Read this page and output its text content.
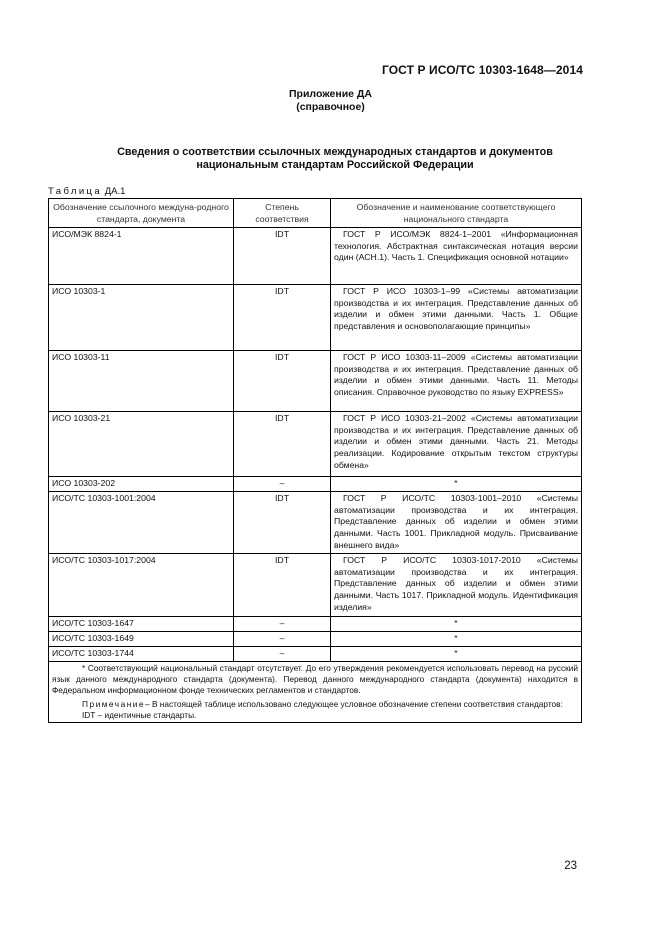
ГОСТ Р ИСО/ТС 10303-1648—2014
Приложение ДА
(справочное)
Сведения о соответствии ссылочных международных стандартов и документов
национальным стандартам Российской Федерации
Таблица ДА.1
Обозначение ссылочного междуна-родного стандарта, документа	Степень соответствия	Обозначение и наименование соответствующего национального стандарта
ИСО/МЭК 8824-1	IDT	ГОСТ Р ИСО/МЭК 8824-1–2001 «Информационная технология. Абстрактная синтаксическая нотация версии один (АСН.1). Часть 1. Спецификация основной нотации»
ИСО 10303-1	IDT	ГОСТ Р ИСО 10303-1–99 «Системы автоматизации производства и их интеграция. Представление данных об изделии и обмен этими данными. Часть 1. Общие представления и основополагающие принципы»
ИСО 10303-11	IDT	ГОСТ Р ИСО 10303-11–2009 «Системы автоматизации производства и их интеграция. Представление данных об изделии и обмен этими данными. Часть 11. Методы описания. Справочное руководство по языку EXPRESS»
ИСО 10303-21	IDT	ГОСТ Р ИСО 10303-21–2002 «Системы автоматизации производства и их интеграция. Представление данных об изделии и обмен этими данными. Часть 21. Методы реализации. Кодирование открытым текстом структуры обмена»
ИСО 10303-202	–	*
ИСО/ТС 10303-1001:2004	IDT	ГОСТ Р ИСО/ТС 10303-1001–2010 «Системы автоматизации производства и их интеграция. Представление данных об изделии и обмен этими данными. Часть 1001. Прикладной модуль. Присваивание внешнего вида»
ИСО/ТС 10303-1017:2004	IDT	ГОСТ Р ИСО/ТС 10303-1017-2010 «Системы автоматизации производства и их интеграция. Представление данных об изделии и обмен этими данными. Часть 1017. Прикладной модуль. Идентификация изделия»
ИСО/ТС 10303-1647	–	*
ИСО/ТС 10303-1649	–	*
ИСО/ТС 10303-1744	–	*

* Соответствующий национальный стандарт отсутствует. До его утверждения рекомендуется использовать перевод на русский язык данного международного стандарта (документа). Перевод данного международного стандарта (документа) находится в Федеральном информационном фонде технических регламентов и стандартов.

Примечание– В настоящей таблице использовано следующее условное обозначение степени соответствия стандартов:

IDT – идентичные стандарты.		

23
